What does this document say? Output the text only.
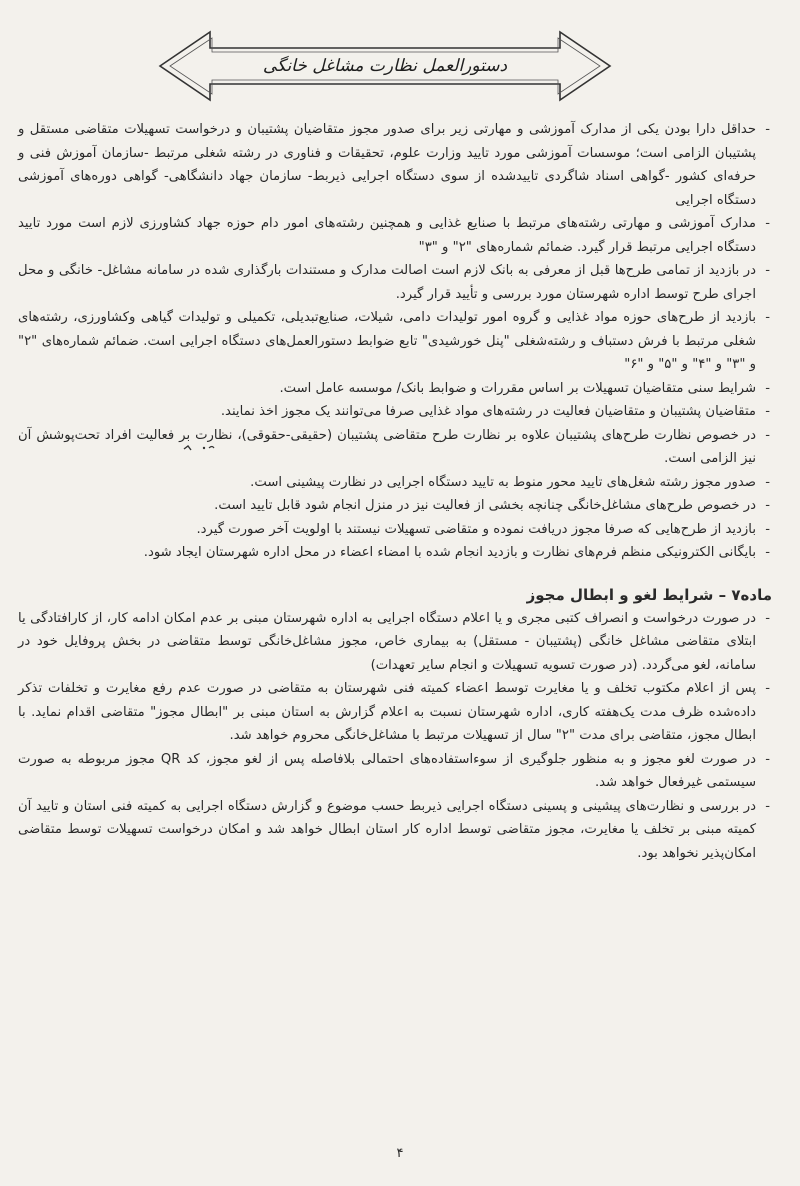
دستورالعمل نظارت مشاغل خانگی

- حداقل دارا بودن یکی از مدارک آموزشی و مهارتی زیر برای صدور مجوز متقاضیان پشتیبان و درخواست تسهیلات متقاضی مستقل و پشتیبان الزامی است؛ موسسات آموزشی مورد تایید وزارت علوم، تحقیقات و فناوری در رشته شغلی مرتبط -سازمان آموزش فنی و حرفه‌ای کشور -گواهی اسناد شاگردی تاییدشده از سوی دستگاه اجرایی ذیربط- سازمان جهاد دانشگاهی- گواهی دوره‌های آموزشی دستگاه اجرایی

- مدارک آموزشی و مهارتی رشته‌های مرتبط با صنایع غذایی و همچنین رشته‌های امور دام حوزه جهاد کشاورزی لازم است مورد تایید دستگاه اجرایی مرتبط قرار گیرد. ضمائم شماره‌های "۲" و "۳"

- در بازدید از تمامی طرح‌ها قبل از معرفی به بانک لازم است اصالت مدارک و مستندات بارگذاری شده در سامانه مشاغل- خانگی و محل اجرای طرح توسط اداره شهرستان مورد بررسی و تأیید قرار گیرد.

- بازدید از طرح‌های حوزه مواد غذایی و گروه امور تولیدات دامی، شیلات، صنایع‌تبدیلی، تکمیلی و تولیدات گیاهی وکشاورزی، رشته‌های شغلی مرتبط با فرش دستباف و رشته‌شغلی "پنل خورشیدی" تابع ضوابط دستورالعمل‌های دستگاه اجرایی است. ضمائم شماره‌های "۲" و "۳" و "۴" و "۵" و "۶"

- شرایط سنی متقاضیان تسهیلات بر اساس مقررات و ضوابط بانک/ موسسه عامل است.

- متقاضیان پشتیبان و متقاضیان فعالیت در رشته‌های مواد غذایی صرفا می‌توانند یک مجوز اخذ نمایند.

- در خصوص نظارت طرح‌های پشتیبان علاوه بر نظارت طرح متقاضی پشتیبان (حقیقی-حقوقی)، نظارت بر فعالیت افراد تحت‌پوشش آن نیز الزامی است.

- صدور مجوز رشته شغل‌های تایید محور منوط به تایید دستگاه اجرایی در نظارت پیشینی است.

- در خصوص طرح‌های مشاغل‌خانگی چنانچه بخشی از فعالیت نیز در منزل انجام شود قابل تایید است.

- بازدید از طرح‌هایی که صرفا مجوز دریافت نموده و متقاضی تسهیلات نیستند با اولویت آخر صورت گیرد.

- بایگانی الکترونیکی منظم فرم‌های نظارت و بازدید انجام شده با امضاء اعضاء در محل اداره شهرستان ایجاد شود.

ماده۷ – شرایط لغو و ابطال مجوز

- در صورت درخواست و انصراف کتبی مجری و یا اعلام دستگاه اجرایی به اداره شهرستان مبنی بر عدم امکان ادامه کار، از کارافتادگی یا ابتلای متقاضی مشاغل خانگی (پشتیبان - مستقل) به بیماری خاص، مجوز مشاغل‌خانگی توسط متقاضی در بخش پروفایل خود در سامانه، لغو می‌گردد. (در صورت تسویه تسهیلات و انجام سایر تعهدات)

- پس از اعلام مکتوب تخلف و یا مغایرت توسط اعضاء کمیته فنی شهرستان به متقاضی در صورت عدم رفع مغایرت و تخلفات تذکر داده‌شده ظرف مدت یک‌هفته کاری، اداره شهرستان نسبت به اعلام گزارش به استان مبنی بر "ابطال مجوز" متقاضی اقدام نماید. با ابطال مجوز، متقاضی برای مدت "۲" سال از تسهیلات مرتبط با مشاغل‌خانگی محروم خواهد شد.

- در صورت لغو مجوز و به منظور جلوگیری از سوءاستفاده‌های احتمالی بلافاصله پس از لغو مجوز، کد QR مجوز مربوطه به صورت سیستمی غیرفعال خواهد شد.

- در بررسی و نظارت‌های پیشینی و پسینی دستگاه اجرایی ذیربط حسب موضوع و گزارش دستگاه اجرایی به کمیته فنی استان و تایید آن کمیته مبنی بر تخلف یا مغایرت، مجوز متقاضی توسط اداره کار استان ابطال خواهد شد و امکان درخواست تسهیلات توسط متقاضی امکان‌پذیر نخواهد بود.

۴
